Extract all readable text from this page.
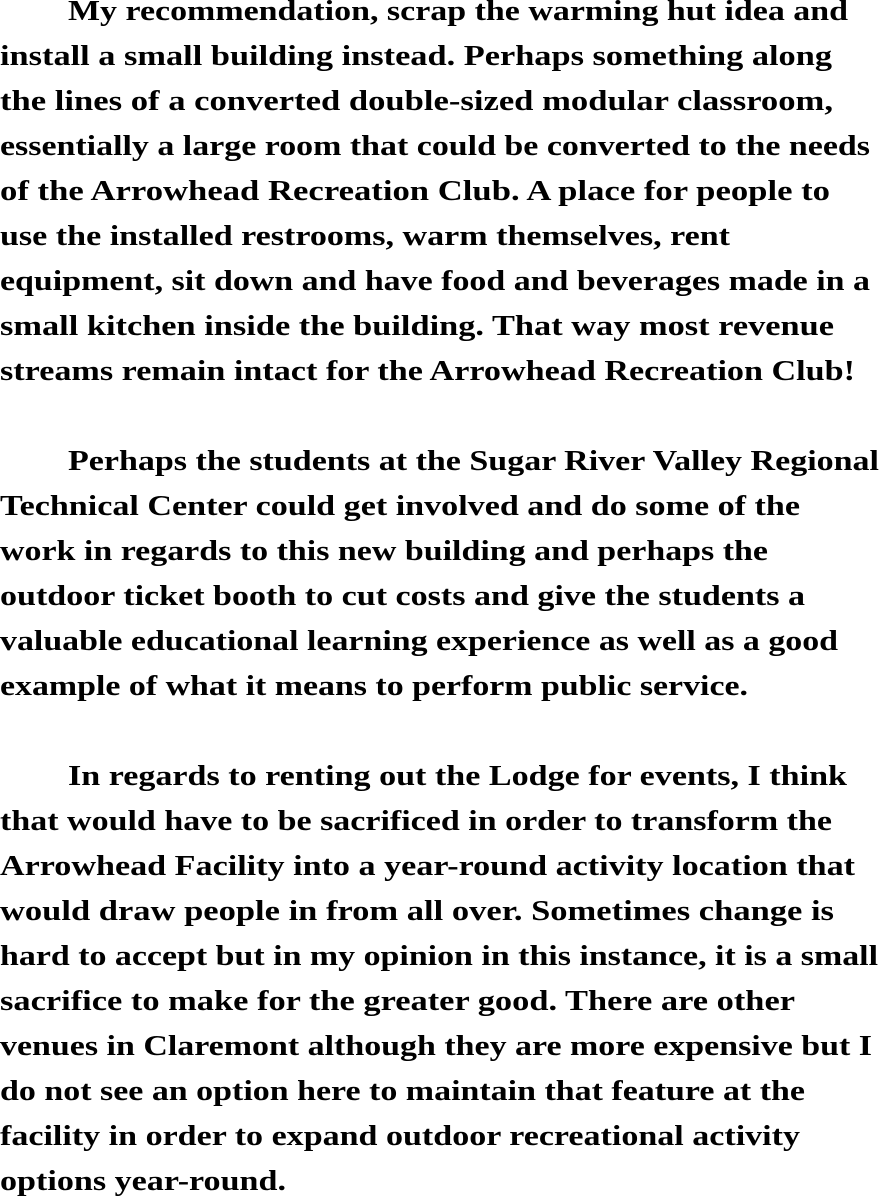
My recommendation, scrap the warming hut idea and

install a small building instead. Perhaps something along

the lines of a converted double-sized modular classroom,

essentially a large room that could be converted to the needs

of the Arrowhead Recreation Club. A place for people to

use the installed restrooms, warm themselves, rent

equipment, sit down and have food and beverages made in a

small kitchen inside the building. That way most revenue

streams remain intact for the Arrowhead Recreation Club!

Perhaps the students at the Sugar River Valley Regional

Technical Center could get involved and do some of the

work in regards to this new building and perhaps the

outdoor ticket booth to cut costs and give the students a

valuable educational learning experience as well as a good

example of what it means to perform public service.

In regards to renting out the Lodge for events, I think

that would have to be sacrificed in order to transform the

Arrowhead Facility into a year-round activity location that

would draw people in from all over. Sometimes change is

hard to accept but in my opinion in this instance, it is a small

sacrifice to make for the greater good. There are other

venues in Claremont although they are more expensive but I

do not see an option here to maintain that feature at the

facility in order to expand outdoor recreational activity

options year-round.
